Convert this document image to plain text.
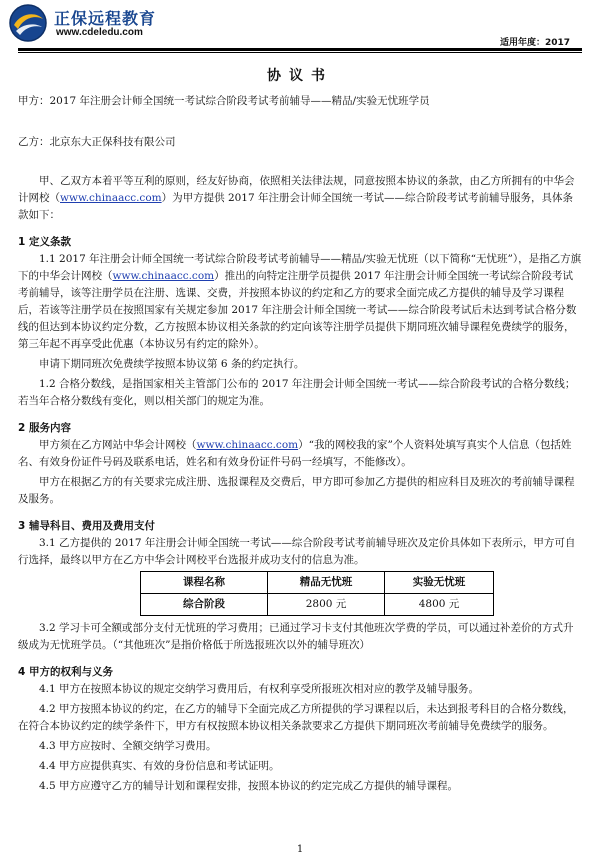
正保远程教育
www.cdeledu.com
适用年度：2017
协议书

甲方：2017 年注册会计师全国统一考试综合阶段考试考前辅导——精品/实验无忧班学员

乙方：北京东大正保科技有限公司

甲、乙双方本着平等互利的原则，经友好协商，依照相关法律法规，同意按照本协议的条款，由乙方所拥有的中华会计网校（www.chinaacc.com）为甲方提供 2017 年注册会计师全国统一考试——综合阶段考试考前辅导服务，具体条款如下：

1 定义条款

1.1 2017 年注册会计师全国统一考试综合阶段考试考前辅导——精品/实验无忧班（以下简称“无忧班”），是指乙方旗下的中华会计网校（www.chinaacc.com）推出的向特定注册学员提供 2017 年注册会计师全国统一考试综合阶段考试考前辅导，该等注册学员在注册、选课、交费，并按照本协议的约定和乙方的要求全面完成乙方提供的辅导及学习课程后，若该等注册学员在按照国家有关规定参加 2017 年注册会计师全国统一考试——综合阶段考试后未达到考试合格分数线的但达到本协议约定分数，乙方按照本协议相关条款的约定向该等注册学员提供下期同班次辅导课程免费续学的服务，第三年起不再享受此优惠（本协议另有约定的除外）。

申请下期同班次免费续学按照本协议第 6 条的约定执行。

1.2 合格分数线，是指国家相关主管部门公布的 2017 年注册会计师全国统一考试——综合阶段考试的合格分数线；若当年合格分数线有变化，则以相关部门的规定为准。

2 服务内容

甲方须在乙方网站中华会计网校（www.chinaacc.com）“我的网校我的家”个人资料处填写真实个人信息（包括姓名、有效身份证件号码及联系电话，姓名和有效身份证件号码一经填写，不能修改）。

甲方在根据乙方的有关要求完成注册、选报课程及交费后，甲方即可参加乙方提供的相应科目及班次的考前辅导课程及服务。

3 辅导科目、费用及费用支付

3.1 乙方提供的 2017 年注册会计师全国统一考试——综合阶段考试考前辅导班次及定价具体如下表所示，甲方可自行选择，最终以甲方在乙方中华会计网校平台选报并成功支付的信息为准。

课程名称	精品无忧班	实验无忧班
综合阶段	2800 元	4800 元

3.2 学习卡可全额或部分支付无忧班的学习费用；已通过学习卡支付其他班次学费的学员，可以通过补差价的方式升级成为无忧班学员。（“其他班次”是指价格低于所选报班次以外的辅导班次）

4 甲方的权利与义务

4.1 甲方在按照本协议的规定交纳学习费用后，有权利享受所报班次相对应的教学及辅导服务。

4.2 甲方按照本协议的约定，在乙方的辅导下全面完成乙方所提供的学习课程以后，未达到报考科目的合格分数线，在符合本协议约定的续学条件下，甲方有权按照本协议相关条款要求乙方提供下期同班次考前辅导免费续学的服务。

4.3 甲方应按时、全额交纳学习费用。

4.4 甲方应提供真实、有效的身份信息和考试证明。

4.5 甲方应遵守乙方的辅导计划和课程安排，按照本协议的约定完成乙方提供的辅导课程。

1
